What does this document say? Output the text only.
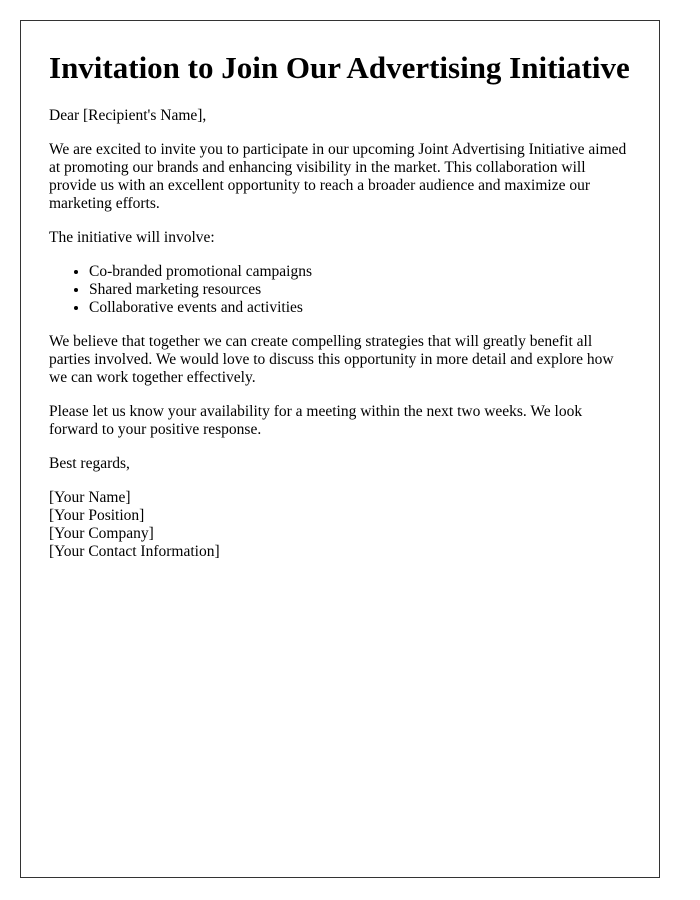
Invitation to Join Our Advertising Initiative

Dear [Recipient's Name],

We are excited to invite you to participate in our upcoming Joint Advertising Initiative aimed at promoting our brands and enhancing visibility in the market. This collaboration will provide us with an excellent opportunity to reach a broader audience and maximize our marketing efforts.

The initiative will involve:

• Co-branded promotional campaigns
• Shared marketing resources
• Collaborative events and activities

We believe that together we can create compelling strategies that will greatly benefit all parties involved. We would love to discuss this opportunity in more detail and explore how we can work together effectively.

Please let us know your availability for a meeting within the next two weeks. We look forward to your positive response.

Best regards,

[Your Name]
[Your Position]
[Your Company]
[Your Contact Information]
